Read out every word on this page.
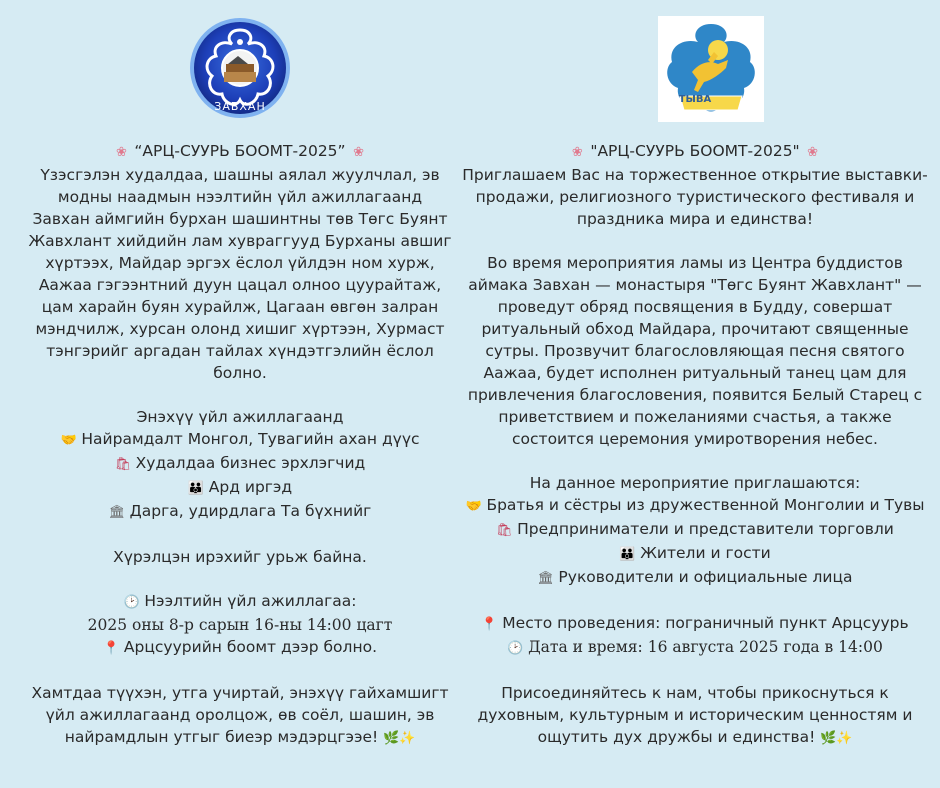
ЗАВХАН
❀ “АРЦ-СУУРЬ БООМТ-2025” ❀
Үзэсгэлэн худалдаа, шашны аялал жуулчлал, эв
модны наадмын нээлтийн үйл ажиллагаанд
Завхан аймгийн бурхан шашинтны төв Төгс Буянт
Жавхлант хийдийн лам хувраггууд Бурханы авшиг
хүртээх, Майдар эргэх ёслол үйлдэн ном хурж,
Аажаа гэгээнтний дуун цацал олноо цуурайтаж,
цам харайн буян хурайлж, Цагаан өвгөн залран
мэндчилж, хурсан олонд хишиг хүртээн, Хурмаст
тэнгэрийг аргадан тайлах хүндэтгэлийн ёслол
болно.
Энэхүү үйл ажиллагаанд
🤝 Найрамдалт Монгол, Тувагийн ахан дүүс
🛍 Худалдаа бизнес эрхлэгчид
👪 Ард иргэд
🏛 Дарга, удирдлага Та бүхнийг
Хүрэлцэн ирэхийг урьж байна.
🕑 Нээлтийн үйл ажиллагаа:
2025 оны 8-р сарын 16-ны 14:00 цагт
📍 Арцсуурийн боомт дээр болно.
Хамтдаа түүхэн, утга учиртай, энэхүү гайхамшигт
үйл ажиллагаанд оролцож, өв соёл, шашин, эв
найрамдлын утгыг биеэр мэдэрцгээе! 🌿✨
ТЫВА
❀ "АРЦ-СУУРЬ БООМТ-2025" ❀
Приглашаем Вас на торжественное открытие выставки-
продажи, религиозного туристического фестиваля и
праздника мира и единства!
Во время мероприятия ламы из Центра буддистов
аймака Завхан — монастыря "Төгс Буянт Жавхлант" —
проведут обряд посвящения в Будду, совершат
ритуальный обход Майдара, прочитают священные
сутры. Прозвучит благословляющая песня святого
Аажаа, будет исполнен ритуальный танец цам для
привлечения благословения, появится Белый Старец с
приветствием и пожеланиями счастья, а также
состоится церемония умиротворения небес.
На данное мероприятие приглашаются:
🤝 Братья и сёстры из дружественной Монголии и Тувы
🛍 Предприниматели и представители торговли
👪 Жители и гости
🏛 Руководители и официальные лица
📍 Место проведения: пограничный пункт Арцсуурь
🕑 Дата и время: 16 августа 2025 года в 14:00
Присоединяйтесь к нам, чтобы прикоснуться к
духовным, культурным и историческим ценностям и
ощутить дух дружбы и единства! 🌿✨
